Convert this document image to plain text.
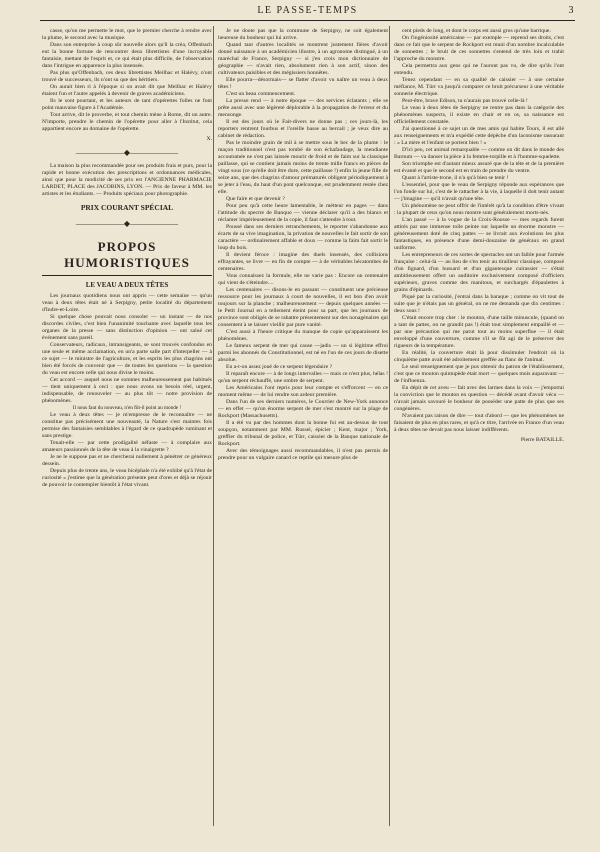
LE PASSE-TEMPS	3

casse, qu'on me permette le mot, que le premier cherche à rendre avec la plume, le second avec la musique.

Dans son entreprise à coup sûr nouvelle alors qu'il la créa, Offenbach eut la bonne fortune de rencontrer deux librettistes d'une incroyable fantaisie, mettant de l'esprit et, ce qui était plus difficile, de l'observation dans l'intrigue en apparence la plus insensée.

Pas plus qu'Offenbach, ces deux librettistes Meilhac et Halévy, n'ont trouvé de successeurs, ils n'ont su que des héritiers.

On aurait bien ri à l'époque si on avait dit que Meilhac et Halévy étaient l'un et l'autre appelés à devenir de graves académiciens.

Ils le sont pourtant, et les auteurs de tant d'opérettes folles ne font point mauvaise figure à l'Académie.

Tout arrive, dit le proverbe, et tout chemin mène à Rome, dit un autre. N'importe, prendre le chemin de l'opérette pour aller à l'Institut, cela appartient encore au domaine de l'opérette.

X.

——————◆——————

La maison la plus recommandée pour ses produits frais et purs, pour la rapide et bonne exécution des prescriptions et ordonnances médicales, ainsi que pour la modicité de ses prix est l'ANCIENNE PHARMACIE LARDET, PLACE des JACOBINS, LYON. — Prix de faveur à MM. les artistes et les étudiants. — Produits spéciaux pour photographie.

PRIX COURANT SPÉCIAL
——————◆——————
PROPOS HUMORISTIQUES
LE VEAU A DEUX TÊTES

Les journaux quotidiens nous ont appris — cette semaine — qu'un veau à deux têtes était né à Serpigny, petite localité du département d'Indre-et-Loire.

Si quelque chose pouvait nous consoler — un instant — de nos discordes civiles, c'est bien l'unanimité touchante avec laquelle tous les organes de la presse — sans distinction d'opinion — ont salué cet événement sans pareil.

Conservateurs, radicaux, intransigeants, se sont trouvés confondus en une seule et même acclamation, en un'a parte salle part d'interpeller — à ce sujet — le ministre de l'agriculture, et les esprits les plus chagrins ont bien été forcés de convenir que — de toutes les questions — la question du veau est encore celle qui nous divise le moins.

Cet accord — auquel nous ne sommes malheureusement pas habitués — tient uniquement à ceci : que nous avons un besoin réel, urgent, indispensable, de renouveler — au plus tôt — notre provision de phénomènes.

Il nous faut du nouveau, n'en fût-il point au monde !

Le veau à deux têtes — je m'empresse de le reconnaître — ne constitue pas précisément une nouveauté, la Nature s'est maintes fois permise des fantaisies semblables à l'égard de ce quadrupède ruminant et sans prestige.

Tenait-elle — par cette prodigalité néfaste — à complaire aux amateurs passionnés de la tête de veau à la vinaigrette ?

Je ne le suppose pas et ne chercherai nullement à pénétrer ce généreux dessein.

Depuis plus de trente ans, le veau bicéphale n'a été exhibé qu'à l'état de curiosité « j'estime que la génération présente peut d'ores et déjà se réjouir de pouvoir le contempler bientôt à l'état vivant.

Je ne doute pas que la commune de Serpigny, ne soit également heureuse du bonheur qui lui arrive.

Quand tant d'autres localités se montrent justement fières d'avoir donné naissance à un académicien illustre, à un agronome distingué, à un maréchal de France, Serpigny — si j'en crois mon dictionnaire de géographie — n'avait rien, absolument rien à son actif, sinon des cultivateurs paisibles et des mégissiers honnêtes.

Elle pourra—désormais— se flatter d'avoir vu naître un veau à deux têtes !

C'est un beau commencement.

La presse rend — à notre époque — des services éclatants ; elle se prête aussi avec une légèreté déplorable à la propagation de l'erreur et du mensonge.

Il est des jours où le Fait-divers ne donne pas ; ces jours-là, les reporters rentrent fourbus et l'oreille basse au bercail ; je veux dire au cabinet de rédaction.

Pas le moindre grain de mil à se mettre sous le bec de la plume : le maçon traditionnel n'est pas tombé de son échafaudage, la mendiante accoutumée ne s'est pas laissée mourir de froid et de faim sur la classique paillasse, qui se contient jamais moins de trente mille francs en pièces de vingt sous (ce qu'elle doit être dure, cette paillasse !) enfin la jeune fille de seize ans, que des chagrins d'amour prématurés obligent périodiquement à se jeter à l'eau, du haut d'un pont quelconque, est prudemment restée chez elle.

Que faire et que devenir ?

Pour peu qu'à cette heure lamentable, le métteur en pages — dans l'attitude du spectre de Banquo — vienne déclarer qu'il a des blancs et réclamer impérieusement de la copie, il faut s'attendre à tout.

Poussé dans ses derniers retranchements, le reporter s'abandonne aux écarts de sa vive imagination, la privation de nouvelles le fait sortir de son caractère — ordinairement affable et doux — comme la faim fait sortir le loup du bois.

Il devient féroce : imagine des duels insensés, des collisions effrayantes, se livre — en fin de compte — à de véritables hécatombes de centenaires.

Vous connaissez la formule, elle ne varie pas : Encore un centenaire qui vient de s'éteindre....

Les centenaires — disons-le en passant — constituent une précieuse ressource pour les journaux à court de nouvelles, il est bon d'en avoir toujours sur la planche ; malheureusement — depuis quelques années — le Petit Journal en a tellement éteint pour sa part, que les journaux de province sont obligés de se rabattre présentement sur des nonagénaires qui consentent à se laisser vieillir par pure vanité.

C'est aussi à l'heure critique du manque de copie qu'apparaissent les phénomènes.

Le fameux serpent de mer qui cause —jadis — un si légitime effroi parmi les abonnés du Constitutionnel, est né en l'un de ces jours de disette absolue.

En a-t-on assez joué de ce serpent légendaire ?

Il reparaît encore — à de longs intervalles — mais ce n'est plus, hélas ! qu'un serpent réchauffé, une ombre de serpent.

Les Américains l'ont repris pour leur compte et s'efforcent — en ce moment même — de lui rendre son ardeur première.

Dans l'un de ses derniers numéros, le Courrier de New-York annonce — en effet — qu'un énorme serpent de mer s'est montré sur la plage de Rockport (Massachusetts).

Il a été vu par des hommes dont la bonne foi est au-dessus de tout soupçon, notamment par MM. Russel, épicier ; Kent, major ; York, greffier du tribunal de police, et Türr, caissier de la Banque nationale de Rockport.

Avec des témoignages aussi recommandables, il n'est pas permis de prendre pour un vulgaire canard ce reptile qui mesure plus de

cent pieds de long, et dont le corps est aussi gros qu'une barrique.

On l'ingéniosité américaine — par exemple — reprend ses droits, c'est dans ce fait que le serpent de Rockport est muni d'un nombre incalculable de sonnettes ; le bruit de ces sonnettes s'entend de très loin et trahit l'approche du monstre.

Cela permettra aux gens qui ne l'auront pas vu, de dire qu'ils l'ont entendu.

Tenez cependant — en sa qualité de caissier — à une certaine méfiance, M. Türr va jusqu'à comparer ce bruit précurseur à une véritable sonnerie électrique.

Peut-être, brave Edison, tu n'aurais pas trouvé celle-là !

Le veau à deux têtes de Serpigny ne rentre pas dans la catégorie des phénomènes suspects, il existe en chair et en os, sa naissance est officiellement constatée.

J'ai questionné à ce sujet un de mes amis qui habite Tours, il est allé aux renseignements et m'a expédié cette dépêche d'un laconisme rassurant : « La mère et l'enfant se portent bien ! »

D'ici peu, cet animal remarquable — comme on dit dans le monde des Barnum — va danser la pièce à la femme-torpille et à l'homme-squelette.

Son triomphe est d'autant mieux assuré que de la tête et de la première est évanté et que le second est en train de prendre du ventre.

Quant à l'artiste-trone, il n'a qu'à bien se tenir !

L'essentiel, pour que le veau de Serpigny réponde aux espérances que l'on fonde sur lui, c'est de le rattacher à la vie, à laquelle il doit tenir autant — j'imagine — qu'il n'avait qu'une tête.

Un phénomène ne peut offrir de l'intérêt qu'à la condition d'être vivant : la plupart de ceux qu'on nous montre sont généralement morts-nés.

L'an passé — à la vogue de la Croix-Rousse — mes regards furent attirés par une immense toile peinte sur laquelle un énorme monstre — généreusement doté de cinq pattes — se livrait aux évolutions les plus fantastiques, en présence d'une demi-douzaine de généraux en grand uniforme.

Les entrepreneurs de ces sortes de spectacles ont un faible pour l'armée française : celui-là — au lieu de s'en tenir au tirailleur classique, composé d'un fignard, d'un hussard et d'un gigantesque cuirassier — s'était ambitieusement offert un auditoire exclusivement composé d'officiers supérieurs, graves comme des manitous, et surchargés d'épaulettes à grains d'épinards.

Piqué par la curiosité, j'entrai dans la baraque ; comme on vit tout de suite que je n'étais pas un général, on ne me demanda que dix centimes : deux sous !

C'était encore trop cher : le mouton, d'une taille minuscule, (quand on a tant de pattes, on ne grandit pas !) était tout simplement empaillé et — par une précaution qui me parut tout au moins superflue — il était enveloppé d'une couverture, comme s'il se fût agi de le préserver des rigueurs de la température.

En réalité, la couverture était là pour dissimuler l'endroit où la cinquième patte avait été adroitement greffée au flanc de l'animal.

Le seul renseignement que je pus obtenir du patron de l'établissement, c'est que ce mouton quintupède était mort — quelques mois auparavant — de l'influenza.

En dépit de cet aveu — fait avec des larmes dans la voix — j'emportai la conviction que le mouton en question — décédé avant d'avoir vécu — n'avait jamais savouré le bonheur de posséder une patte de plus que ses congénères.

N'avaient pas raison de dire — tout d'abord — que les phénomènes ne faisaient de plus en plus rares, et qu'à ce titre, l'arrivée en France d'un veau à deux têtes ne devait pas nous laisser indifférents.

Pierre BATAILLE.
